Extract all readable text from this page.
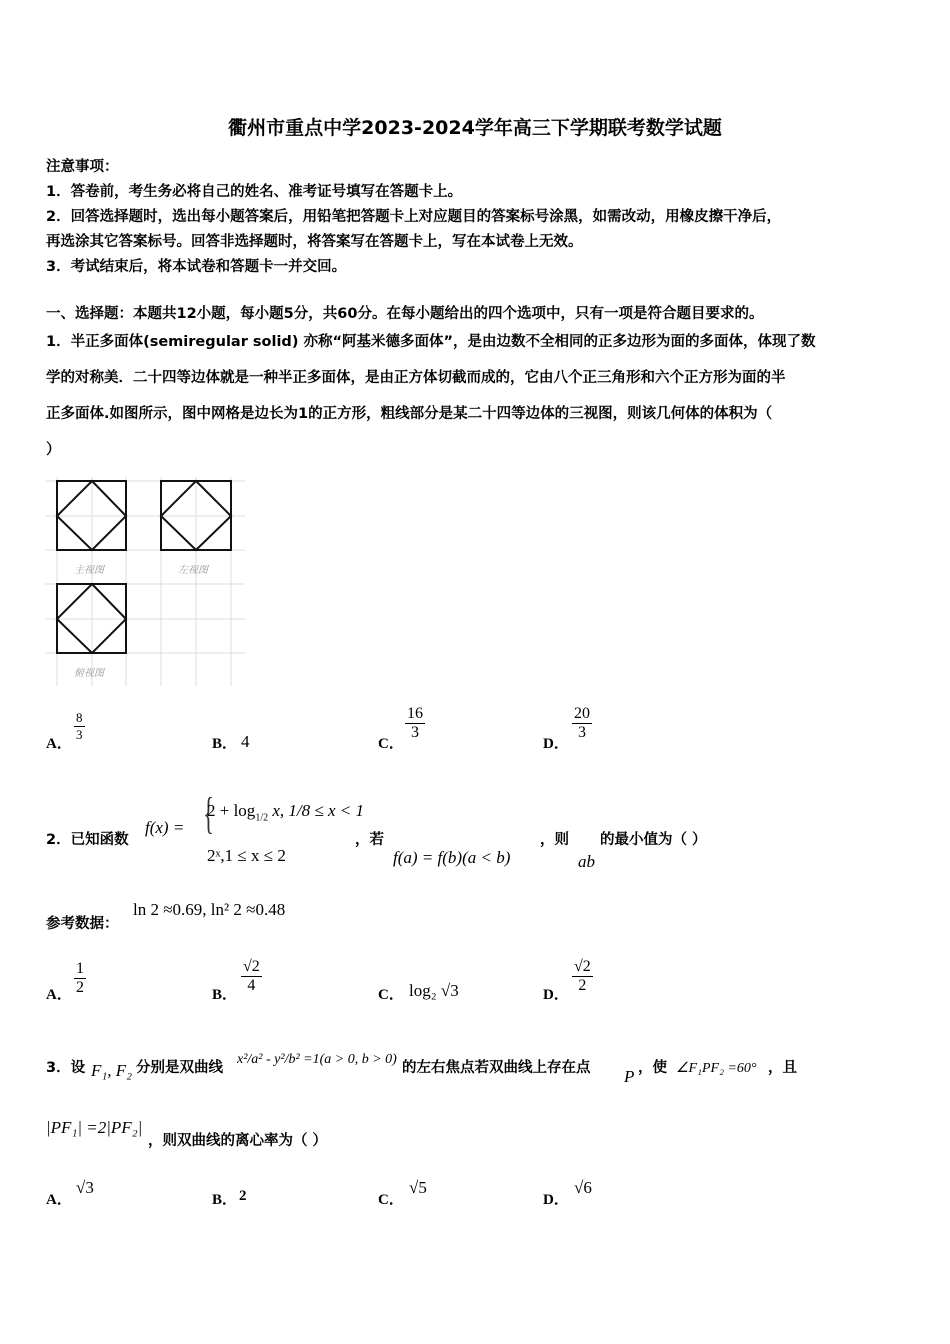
衢州市重点中学2023-2024学年高三下学期联考数学试题
注意事项：
1．答卷前，考生务必将自己的姓名、准考证号填写在答题卡上。
2．回答选择题时，选出每小题答案后，用铅笔把答题卡上对应题目的答案标号涂黑，如需改动，用橡皮擦干净后，
再选涂其它答案标号。回答非选择题时，将答案写在答题卡上，写在本试卷上无效。
3．考试结束后，将本试卷和答题卡一并交回。
一、选择题：本题共12小题，每小题5分，共60分。在每小题给出的四个选项中，只有一项是符合题目要求的。
1．半正多面体(semiregular solid) 亦称“阿基米德多面体”，是由边数不全相同的正多边形为面的多面体，体现了数
学的对称美．二十四等边体就是一种半正多面体，是由正方体切截而成的，它由八个正三角形和六个正方形为面的半
正多面体.如图所示，图中网格是边长为1的正方形，粗线部分是某二十四等边体的三视图，则该几何体的体积为（
）
主视图	左视图
俯视图
A．
$\frac{8}{3}$
B． 4	C．
$\frac{16}{3}$
D．
$\frac{20}{3}$
2．已知函数
f(x) = {
$2 + \log_{1/2} x$, 1/8 ≤ x < 1
2ˣ,1 ≤ x ≤ 2
，若
f(a) = f(b)(a < b)
，则
ab
的最小值为（ ）
参考数据：
ln 2 ≈0.69, ln² 2 ≈0.48
A． $\frac{1}{2}$	B． $\frac{√2}{4}$	C． log₂ √3	D． $\frac{√2}{2}$
3．设 F₁, F₂ 分别是双曲线
x²/a² - y²/b² =1(a > 0, b > 0)
的左右焦点若双曲线上存在点 P ，使 ∠F₁PF₂ =60° ，且
|PF₁| =2|PF₂|
，则双曲线的离心率为（ ）
A．
√3
B． 2	C．
√5
D．
√6
